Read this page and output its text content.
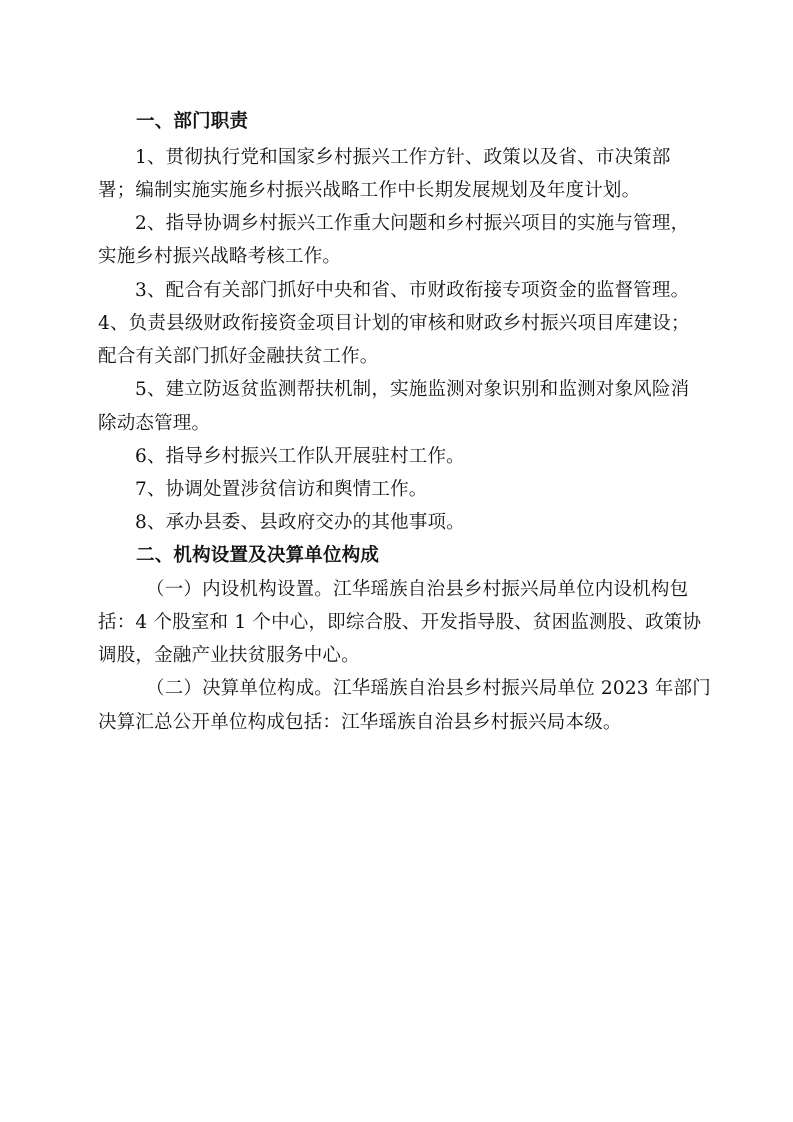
一、部门职责
1、贯彻执行党和国家乡村振兴工作方针、政策以及省、市决策部
署；编制实施实施乡村振兴战略工作中长期发展规划及年度计划。
2、指导协调乡村振兴工作重大问题和乡村振兴项目的实施与管理，
实施乡村振兴战略考核工作。
3、配合有关部门抓好中央和省、市财政衔接专项资金的监督管理。
4、负责县级财政衔接资金项目计划的审核和财政乡村振兴项目库建设；
配合有关部门抓好金融扶贫工作。
5、建立防返贫监测帮扶机制，实施监测对象识别和监测对象风险消
除动态管理。
6、指导乡村振兴工作队开展驻村工作。
7、协调处置涉贫信访和舆情工作。
8、承办县委、县政府交办的其他事项。
二、机构设置及决算单位构成
（一）内设机构设置。江华瑶族自治县乡村振兴局单位内设机构包
括：4 个股室和 1 个中心，即综合股、开发指导股、贫困监测股、政策协
调股，金融产业扶贫服务中心。
（二）决算单位构成。江华瑶族自治县乡村振兴局单位 2023 年部门
决算汇总公开单位构成包括：江华瑶族自治县乡村振兴局本级。
